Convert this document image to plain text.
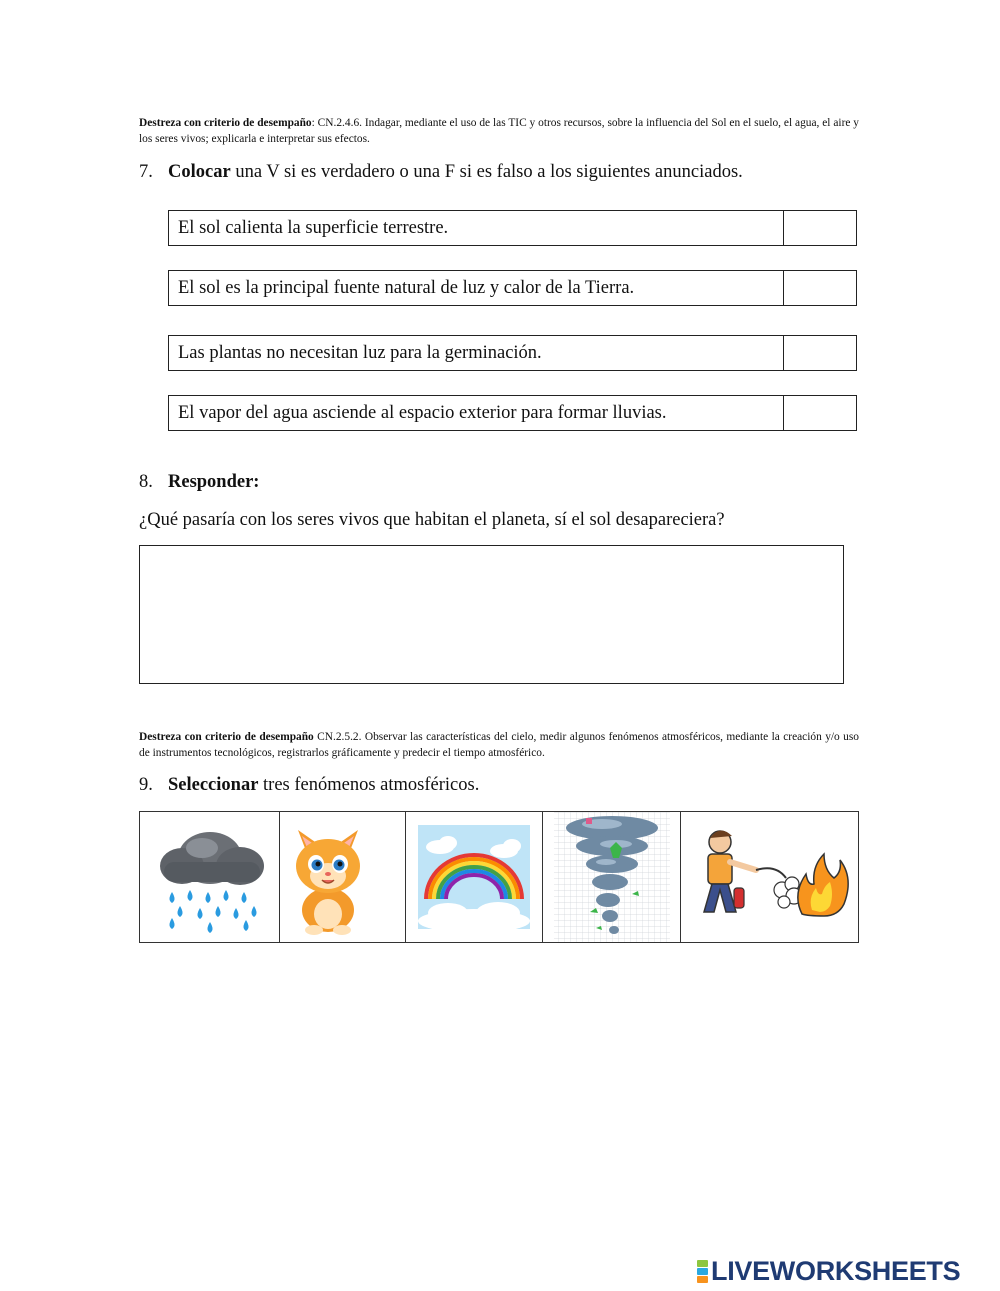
Destreza con criterio de desempaño: CN.2.4.6. Indagar, mediante el uso de las TIC y otros recursos, sobre la influencia del Sol en el suelo, el agua, el aire y los seres vivos; explicarla e interpretar sus efectos.
7. Colocar una V si es verdadero o una F si es falso a los siguientes anunciados.
El sol calienta la superficie terrestre.
El sol es la principal fuente natural de luz y calor de la Tierra.
Las plantas no necesitan luz para la germinación.
El vapor del agua asciende al espacio exterior para formar lluvias.
8. Responder:
¿Qué pasaría con los seres vivos que habitan el planeta, sí el sol desapareciera?
Destreza con criterio de desempaño CN.2.5.2. Observar las características del cielo, medir algunos fenómenos atmosféricos, mediante la creación y/o uso de instrumentos tecnológicos, registrarlos gráficamente y predecir el tiempo atmosférico.
9. Seleccionar tres fenómenos atmosféricos.
LIVEWORKSHEETS
